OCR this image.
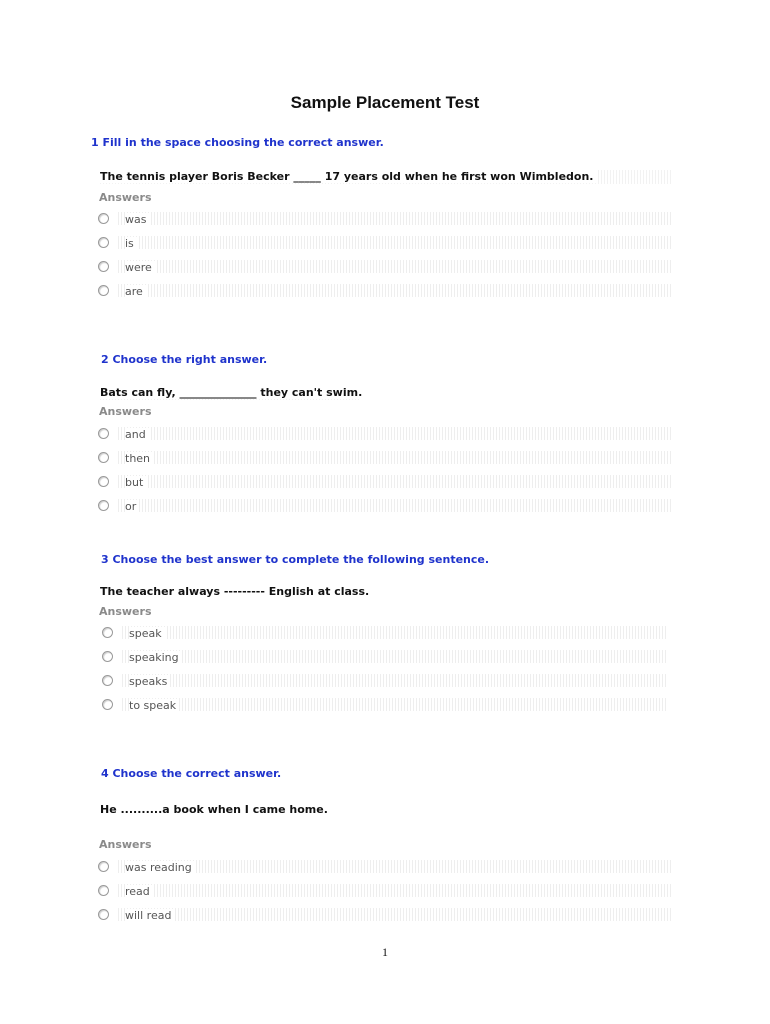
Sample Placement Test
1 Fill in the space choosing the correct answer.
The tennis player Boris Becker _____ 17 years old when he first won Wimbledon.
Answers
was
is
were
are
2 Choose the right answer.
Bats can fly, ______________ they can't swim.
Answers
and
then
but
or
3 Choose the best answer to complete the following sentence.
The teacher always --------- English at class.
Answers
speak
speaking
speaks
to speak
4 Choose the correct answer.
He ..........a book when I came home.
Answers
was reading
read
will read
1
